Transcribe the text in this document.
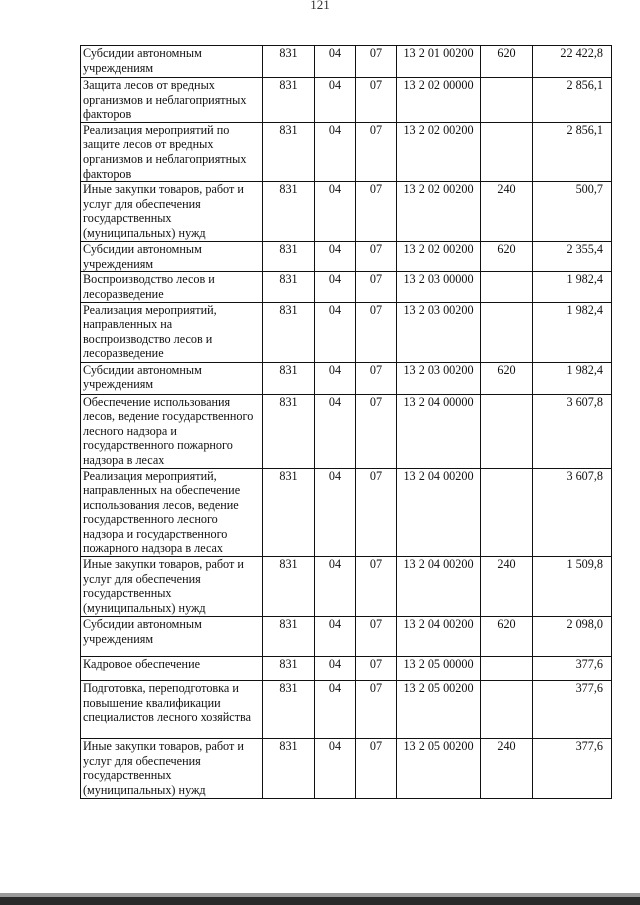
121
Субсидии автономным учреждениям	831	04	07	13 2 01 00200	620	22 422,8
Защита лесов от вредных организмов и неблагоприятных факторов	831	04	07	13 2 02 00000		2 856,1
Реализация мероприятий по защите лесов от вредных организмов и неблагоприятных факторов	831	04	07	13 2 02 00200		2 856,1
Иные закупки товаров, работ и услуг для обеспечения государственных (муниципальных) нужд	831	04	07	13 2 02 00200	240	500,7
Субсидии автономным учреждениям	831	04	07	13 2 02 00200	620	2 355,4
Воспроизводство лесов и лесоразведение	831	04	07	13 2 03 00000		1 982,4
Реализация мероприятий, направленных на воспроизводство лесов и лесоразведение	831	04	07	13 2 03 00200		1 982,4
Субсидии автономным учреждениям	831	04	07	13 2 03 00200	620	1 982,4
Обеспечение использования лесов, ведение государственного лесного надзора и государственного пожарного надзора в лесах	831	04	07	13 2 04 00000		3 607,8
Реализация мероприятий, направленных на обеспечение использования лесов, ведение государственного лесного надзора и государственного пожарного надзора в лесах	831	04	07	13 2 04 00200		3 607,8
Иные закупки товаров, работ и услуг для обеспечения государственных (муниципальных) нужд	831	04	07	13 2 04 00200	240	1 509,8
Субсидии автономным учреждениям	831	04	07	13 2 04 00200	620	2 098,0
Кадровое обеспечение	831	04	07	13 2 05 00000		377,6
Подготовка, переподготовка и повышение квалификации специалистов лесного хозяйства	831	04	07	13 2 05 00200		377,6
Иные закупки товаров, работ и услуг для обеспечения государственных (муниципальных) нужд	831	04	07	13 2 05 00200	240	377,6
